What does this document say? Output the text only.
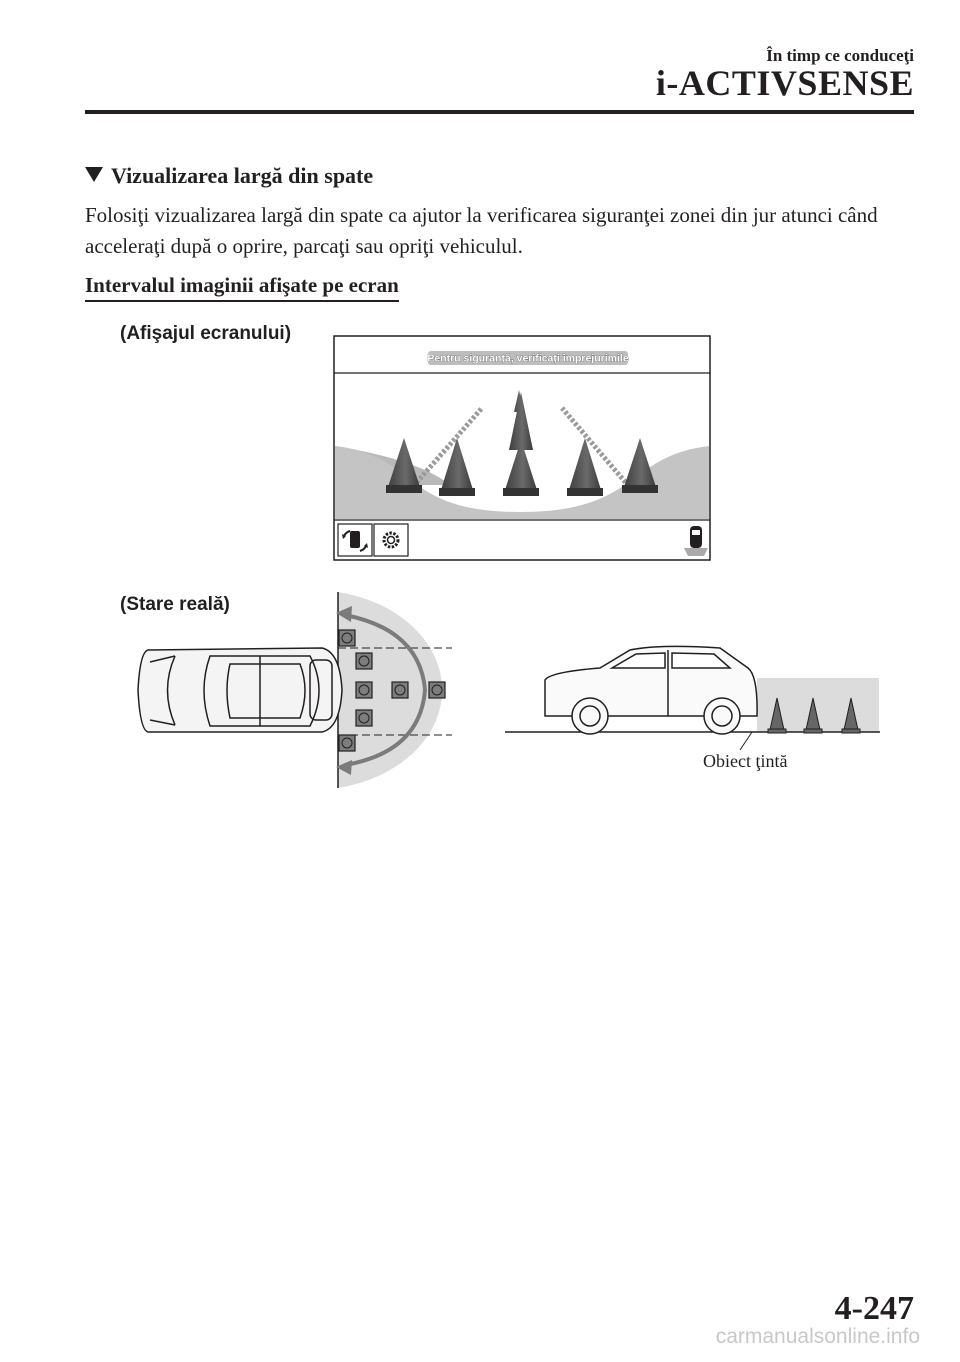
În timp ce conduceţi
i-ACTIVSENSE
Vizualizarea largă din spate
Folosiţi vizualizarea largă din spate ca ajutor la verificarea siguranţei zonei din jur atunci când acceleraţi după o oprire, parcaţi sau opriţi vehiculul.
Intervalul imaginii afişate pe ecran
(Afişajul ecranului)
(Stare reală)
Pentru siguranţă, verificaţi împrejurimile
Obiect ţintă
4-247
carmanualsonline.info
